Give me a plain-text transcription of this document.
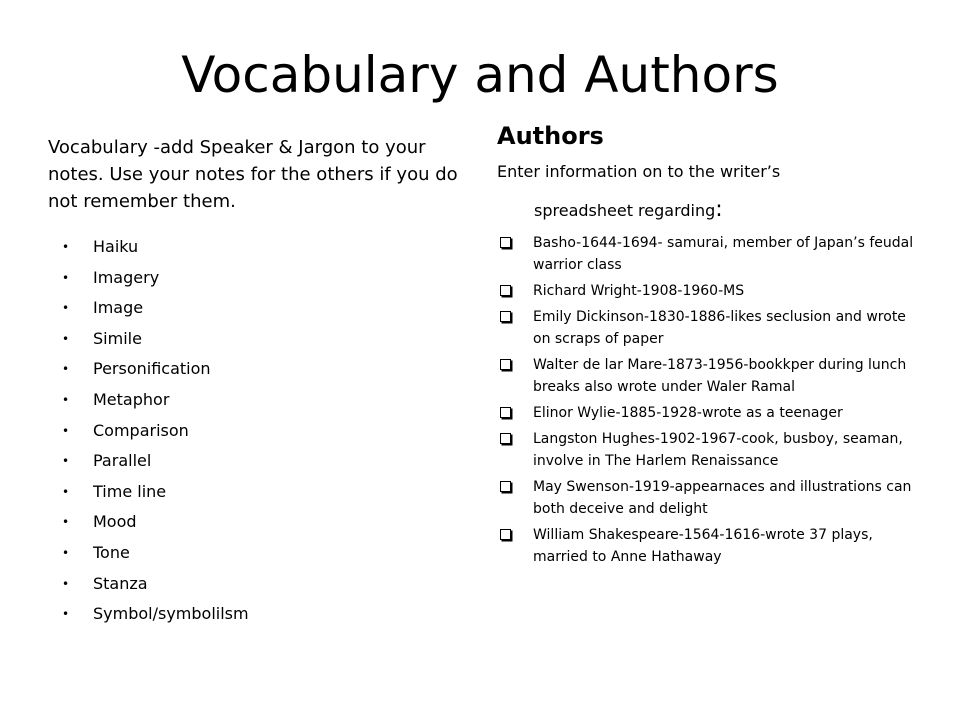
Vocabulary and Authors

Vocabulary -add Speaker & Jargon to your notes. Use your notes for the others if you do not remember them.

• Haiku
• Imagery
• Image
• Simile
• Personification
• Metaphor
• Comparison
• Parallel
• Time line
• Mood
• Tone
• Stanza
• Symbol/symbolilsm
Authors

Enter information on to the writer’s
spreadsheet regarding:

Basho-1644-1694- samurai, member of Japan’s feudal warrior class
Richard Wright-1908-1960-MS
Emily Dickinson-1830-1886-likes seclusion and wrote on scraps of paper
Walter de lar Mare-1873-1956-bookkper during lunch breaks also wrote under Waler Ramal
Elinor Wylie-1885-1928-wrote as a teenager
Langston Hughes-1902-1967-cook, busboy, seaman, involve in The Harlem Renaissance
May Swenson-1919-appearnaces and illustrations can both deceive and delight
William Shakespeare-1564-1616-wrote 37 plays, married to Anne Hathaway
